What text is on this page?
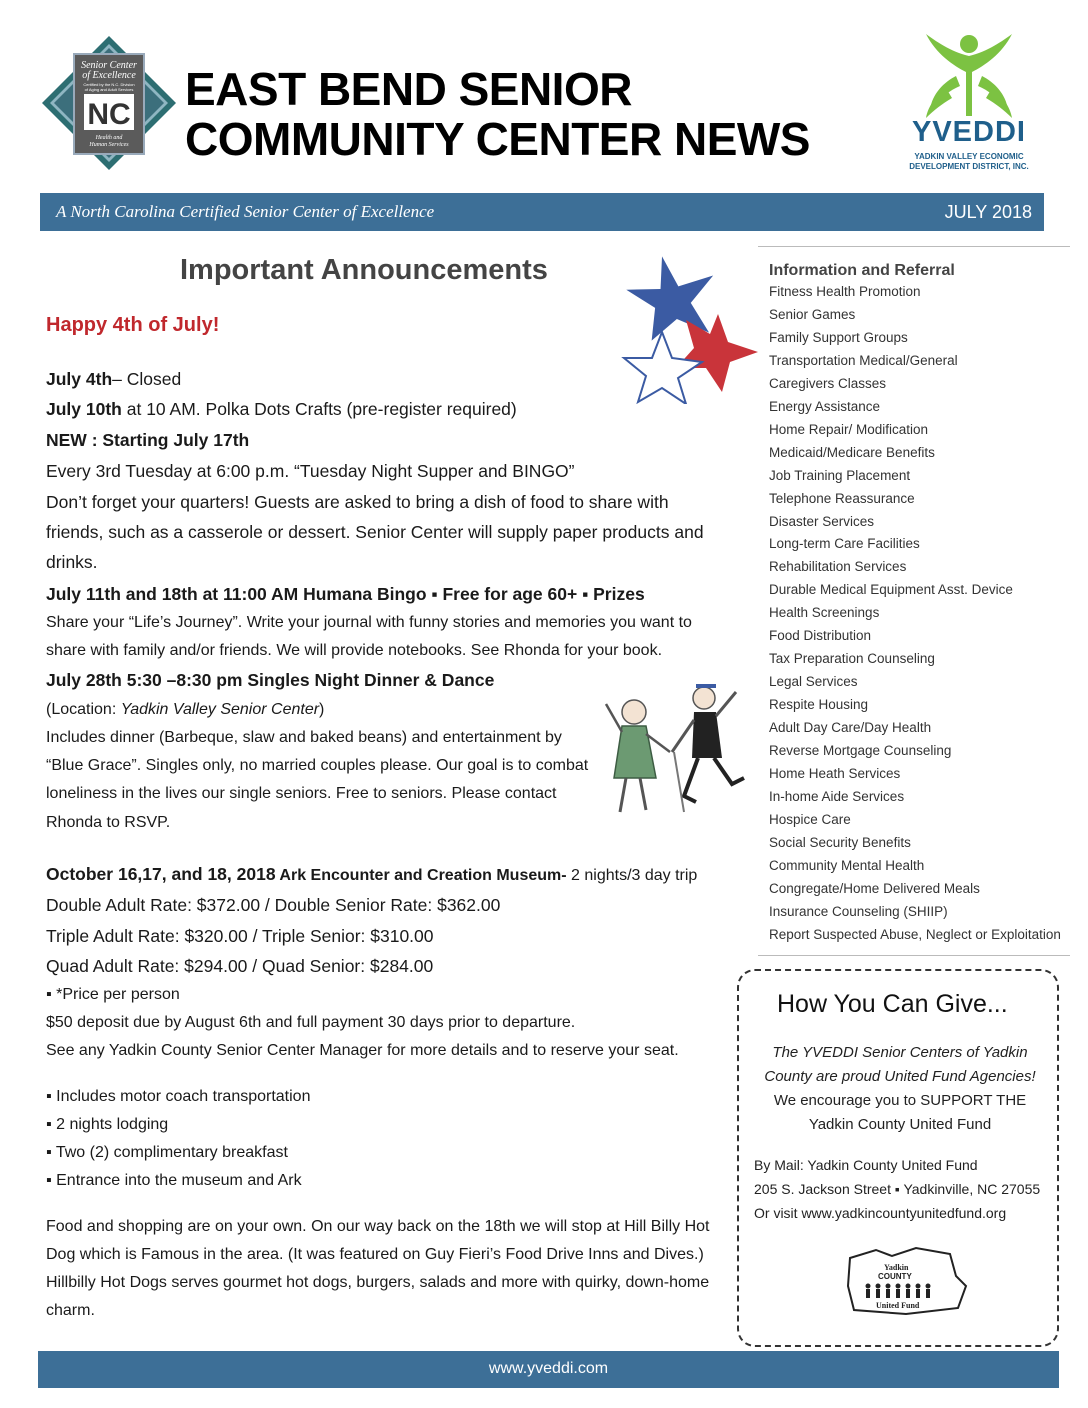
Senior Center
of Excellence
Certified by the N.C. Division
of Aging and Adult Services
NC
Health and
Human Services
EAST BEND SENIOR
COMMUNITY CENTER NEWS	YVEDDI
YADKIN VALLEY ECONOMIC
DEVELOPMENT DISTRICT, INC.
A North Carolina Certified Senior Center of Excellence	JULY 2018
Important Announcements
Happy 4th of July!
July 4th– Closed
July 10th at 10 AM. Polka Dots Crafts (pre-register required)
NEW : Starting July 17th
Every 3rd Tuesday at 6:00 p.m. “Tuesday Night Supper and BINGO”
Don’t forget your quarters! Guests are asked to bring a dish of food to share with
friends, such as a casserole or dessert. Senior Center will supply paper products and
drinks.
July 11th and 18th at 11:00 AM Humana Bingo ▪ Free for age 60+ ▪ Prizes
Share your “Life’s Journey”. Write your journal with funny stories and memories you want to
share with family and/or friends. We will provide notebooks. See Rhonda for your book.
July 28th 5:30 –8:30 pm Singles Night Dinner & Dance
(Location: Yadkin Valley Senior Center)
Includes dinner (Barbeque, slaw and baked beans) and entertainment by
“Blue Grace”. Singles only, no married couples please. Our goal is to combat
loneliness in the lives our single seniors. Free to seniors. Please contact
Rhonda to RSVP.
October 16,17, and 18, 2018 Ark Encounter and Creation Museum- 2 nights/3 day trip
Double Adult Rate: $372.00 / Double Senior Rate: $362.00
Triple Adult Rate: $320.00 / Triple Senior: $310.00
Quad Adult Rate: $294.00 / Quad Senior: $284.00
▪ *Price per person
$50 deposit due by August 6th and full payment 30 days prior to departure.
See any Yadkin County Senior Center Manager for more details and to reserve your seat.
▪ Includes motor coach transportation
▪ 2 nights lodging
▪ Two (2) complimentary breakfast
▪ Entrance into the museum and Ark
Food and shopping are on your own. On our way back on the 18th we will stop at Hill Billy Hot
Dog which is Famous in the area. (It was featured on Guy Fieri’s Food Drive Inns and Dives.)
Hillbilly Hot Dogs serves gourmet hot dogs, burgers, salads and more with quirky, down-home
charm.
Information and Referral
Fitness Health Promotion
Senior Games
Family Support Groups
Transportation Medical/General
Caregivers Classes
Energy Assistance
Home Repair/ Modification
Medicaid/Medicare Benefits
Job Training Placement
Telephone Reassurance
Disaster Services
Long-term Care Facilities
Rehabilitation Services
Durable Medical Equipment Asst. Device
Health Screenings
Food Distribution
Tax Preparation Counseling
Legal Services
Respite Housing
Adult Day Care/Day Health
Reverse Mortgage Counseling
Home Heath Services
In-home Aide Services
Hospice Care
Social Security Benefits
Community Mental Health
Congregate/Home Delivered Meals
Insurance Counseling (SHIIP)
Report Suspected Abuse, Neglect or Exploitation
How You Can Give...
The YVEDDI Senior Centers of Yadkin
County are proud United Fund Agencies!
We encourage you to SUPPORT THE
Yadkin County United Fund
By Mail: Yadkin County United Fund
205 S. Jackson Street ▪ Yadkinville, NC 27055
Or visit www.yadkincountyunitedfund.org
Yadkin
COUNTY
United Fund
www.yveddi.com
